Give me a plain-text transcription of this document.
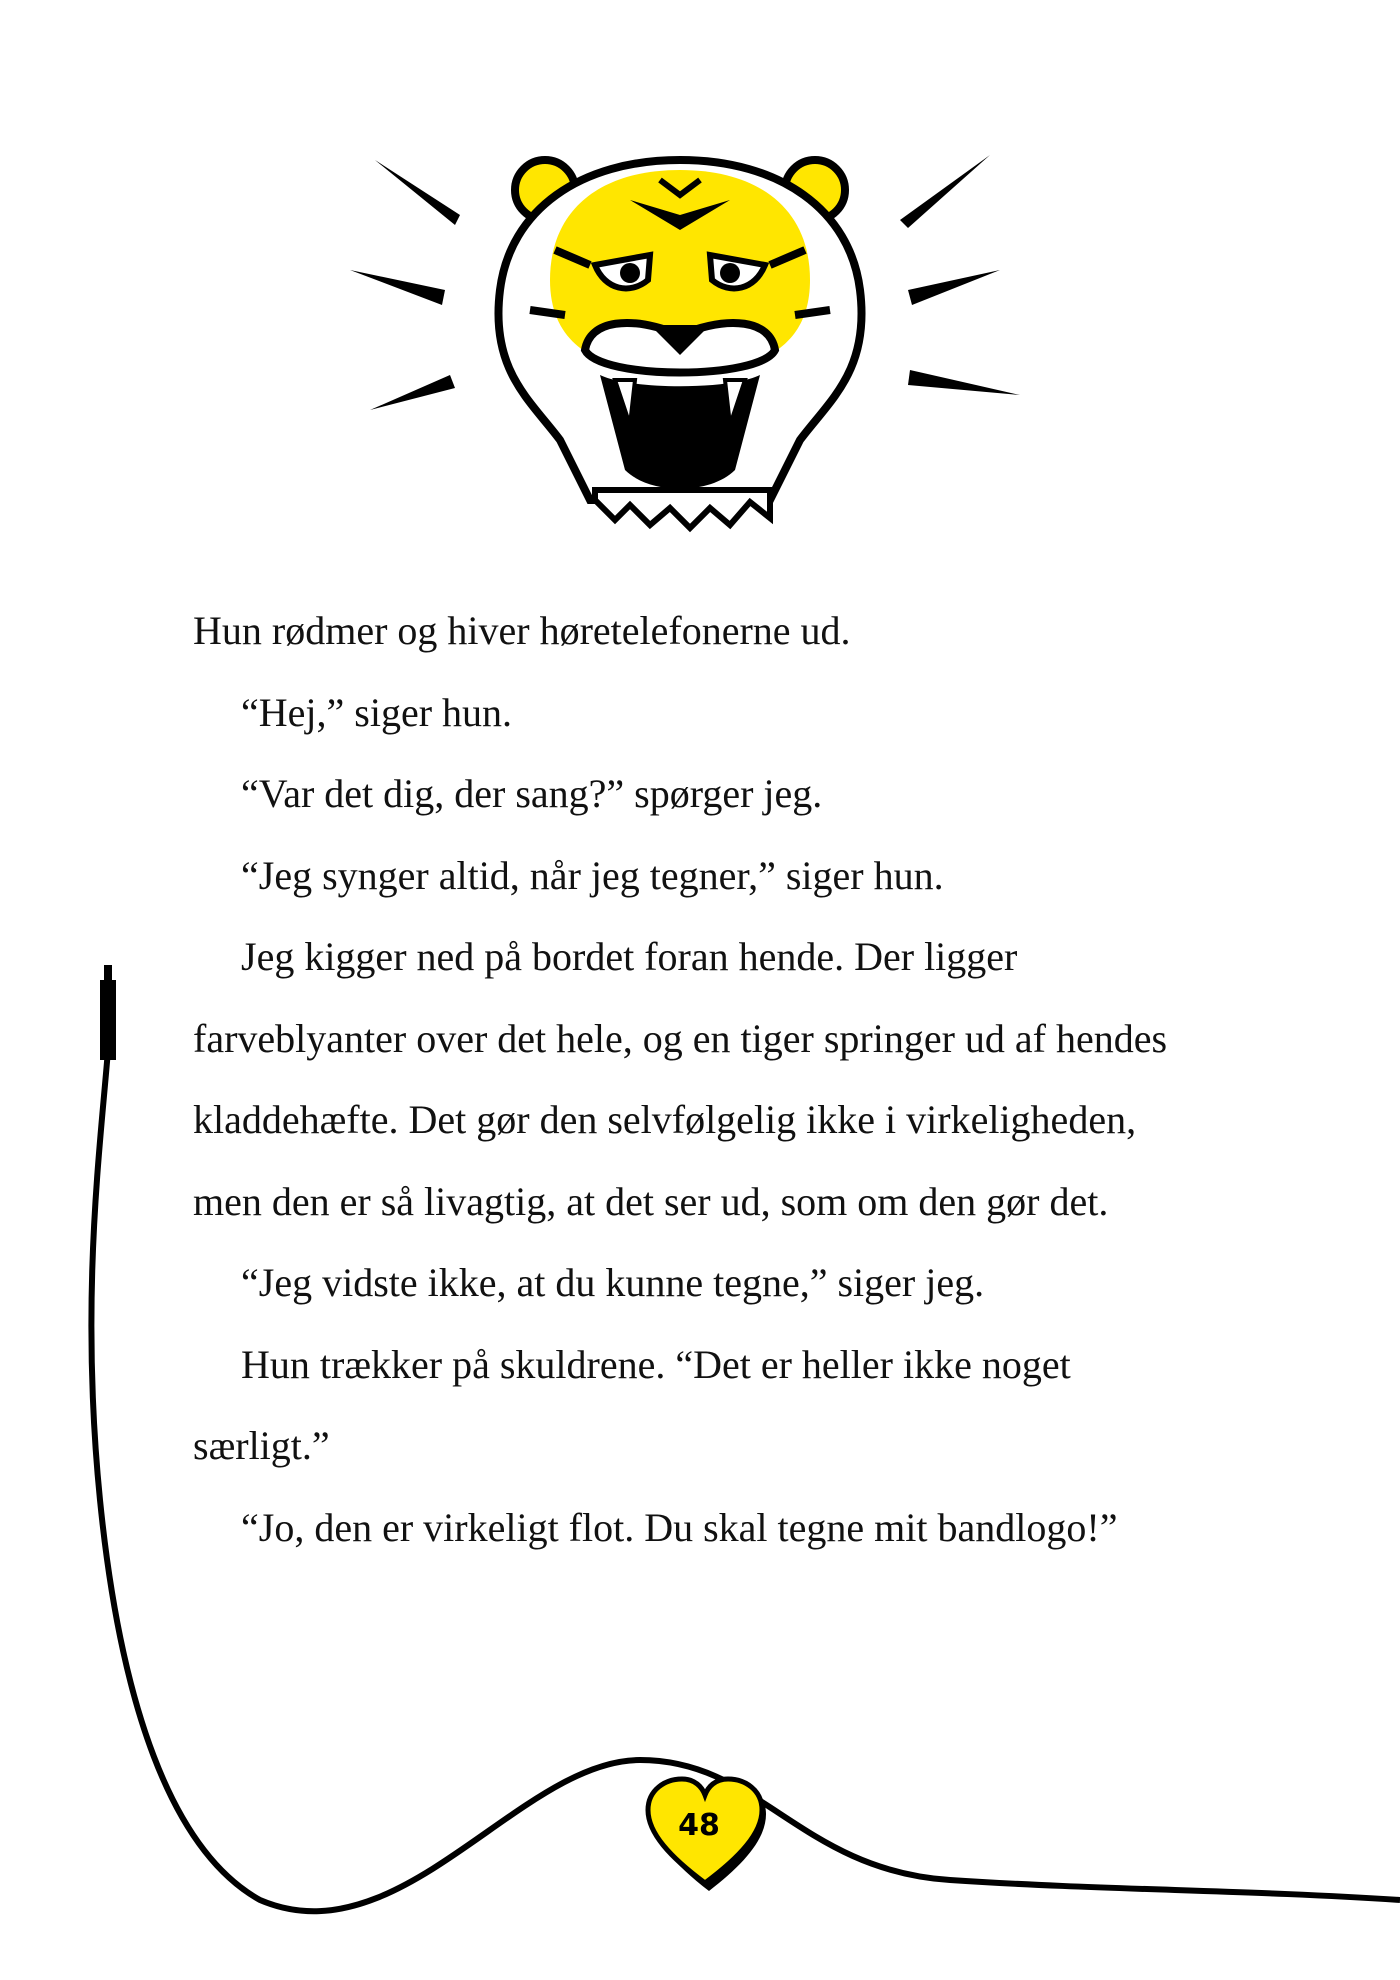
Hun rødmer og hiver høretelefonerne ud.

“Hej,” siger hun.

“Var det dig, der sang?” spørger jeg.

“Jeg synger altid, når jeg tegner,” siger hun.

Jeg kigger ned på bordet foran hende. Der ligger farveblyanter over det hele, og en tiger springer ud af hendes kladdehæfte. Det gør den selvfølgelig ikke i virkeligheden, men den er så livagtig, at det ser ud, som om den gør det.

“Jeg vidste ikke, at du kunne tegne,” siger jeg.

Hun trækker på skuldrene. “Det er heller ikke noget særligt.”

“Jo, den er virkeligt flot. Du skal tegne mit bandlogo!”

48
